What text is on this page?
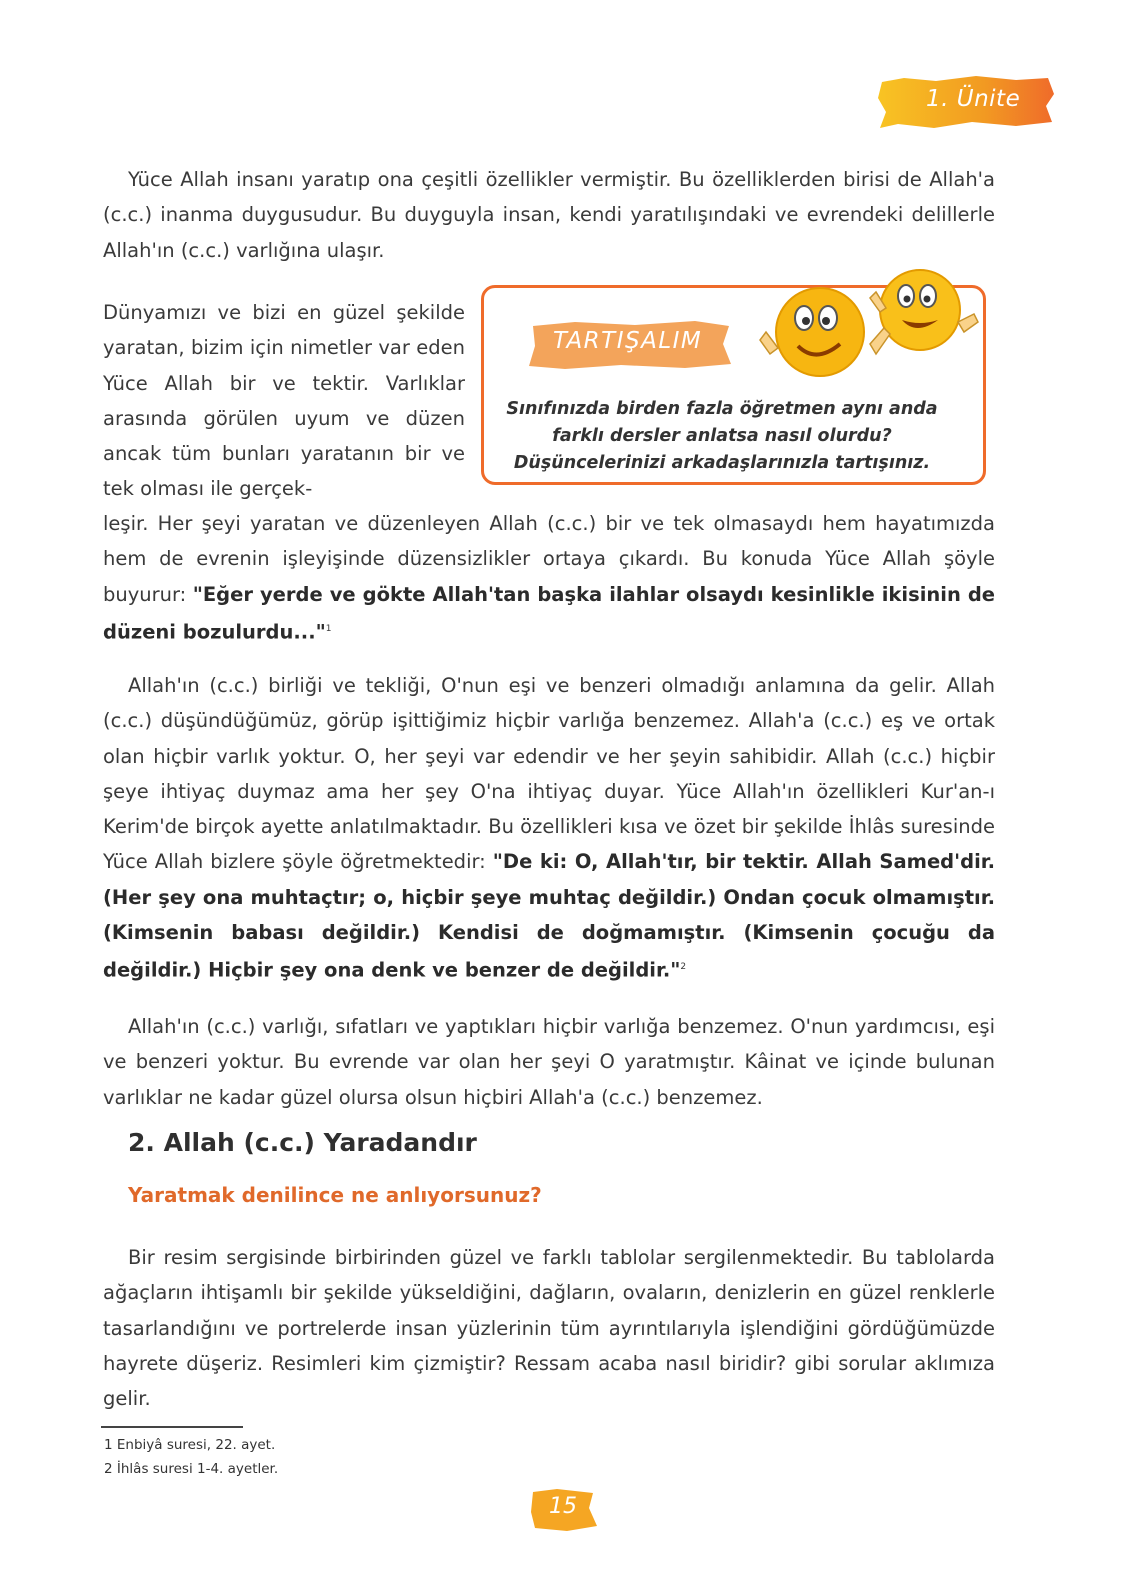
1. Ünite

Yüce Allah insanı yaratıp ona çeşitli özellikler vermiştir. Bu özelliklerden birisi de Allah'a (c.c.) inanma duygusudur. Bu duyguyla insan, kendi yaratılışındaki ve evrendeki delillerle Allah'ın (c.c.) varlığına ulaşır.

Dünyamızı ve bizi en güzel şekilde yaratan, bizim için nimetler var eden Yüce Allah bir ve tektir. Varlıklar arasında görülen uyum ve düzen ancak tüm bunları yaratanın bir ve tek olması ile gerçek-

TARTIŞALIM

Sınıfınızda birden fazla öğretmen aynı anda farklı dersler anlatsa nasıl olurdu? Düşüncelerinizi arkadaşlarınızla tartışınız.

leşir. Her şeyi yaratan ve düzenleyen Allah (c.c.) bir ve tek olmasaydı hem hayatımızda hem de evrenin işleyişinde düzensizlikler ortaya çıkardı. Bu konuda Yüce Allah şöyle buyurur: "Eğer yerde ve gökte Allah'tan başka ilahlar olsaydı kesinlikle ikisinin de düzeni bozulurdu..."$^1$

Allah'ın (c.c.) birliği ve tekliği, O'nun eşi ve benzeri olmadığı anlamına da gelir. Allah (c.c.) düşündüğümüz, görüp işittiğimiz hiçbir varlığa benzemez. Allah'a (c.c.) eş ve ortak olan hiçbir varlık yoktur. O, her şeyi var edendir ve her şeyin sahibidir. Allah (c.c.) hiçbir şeye ihtiyaç duymaz ama her şey O'na ihtiyaç duyar. Yüce Allah'ın özellikleri Kur'an-ı Kerim'de birçok ayette anlatılmaktadır. Bu özellikleri kısa ve özet bir şekilde İhlâs suresinde Yüce Allah bizlere şöyle öğretmektedir: "De ki: O, Allah'tır, bir tektir. Allah Samed'dir. (Her şey ona muhtaçtır; o, hiçbir şeye muhtaç değildir.) Ondan çocuk olmamıştır. (Kimsenin babası değildir.) Kendisi de doğmamıştır. (Kimsenin çocuğu da değildir.) Hiçbir şey ona denk ve benzer de değildir."$^2$

Allah'ın (c.c.) varlığı, sıfatları ve yaptıkları hiçbir varlığa benzemez. O'nun yardımcısı, eşi ve benzeri yoktur. Bu evrende var olan her şeyi O yaratmıştır. Kâinat ve içinde bulunan varlıklar ne kadar güzel olursa olsun hiçbiri Allah'a (c.c.) benzemez.

2. Allah (c.c.) Yaradandır
Yaratmak denilince ne anlıyorsunuz?

Bir resim sergisinde birbirinden güzel ve farklı tablolar sergilenmektedir. Bu tablolarda ağaçların ihtişamlı bir şekilde yükseldiğini, dağların, ovaların, denizlerin en güzel renklerle tasarlandığını ve portrelerde insan yüzlerinin tüm ayrıntılarıyla işlendiğini gördüğümüzde hayrete düşeriz. Resimleri kim çizmiştir? Ressam acaba nasıl biridir? gibi sorular aklımıza gelir.

1 Enbiyâ suresi, 22. ayet.

2 İhlâs suresi 1-4. ayetler.

15
